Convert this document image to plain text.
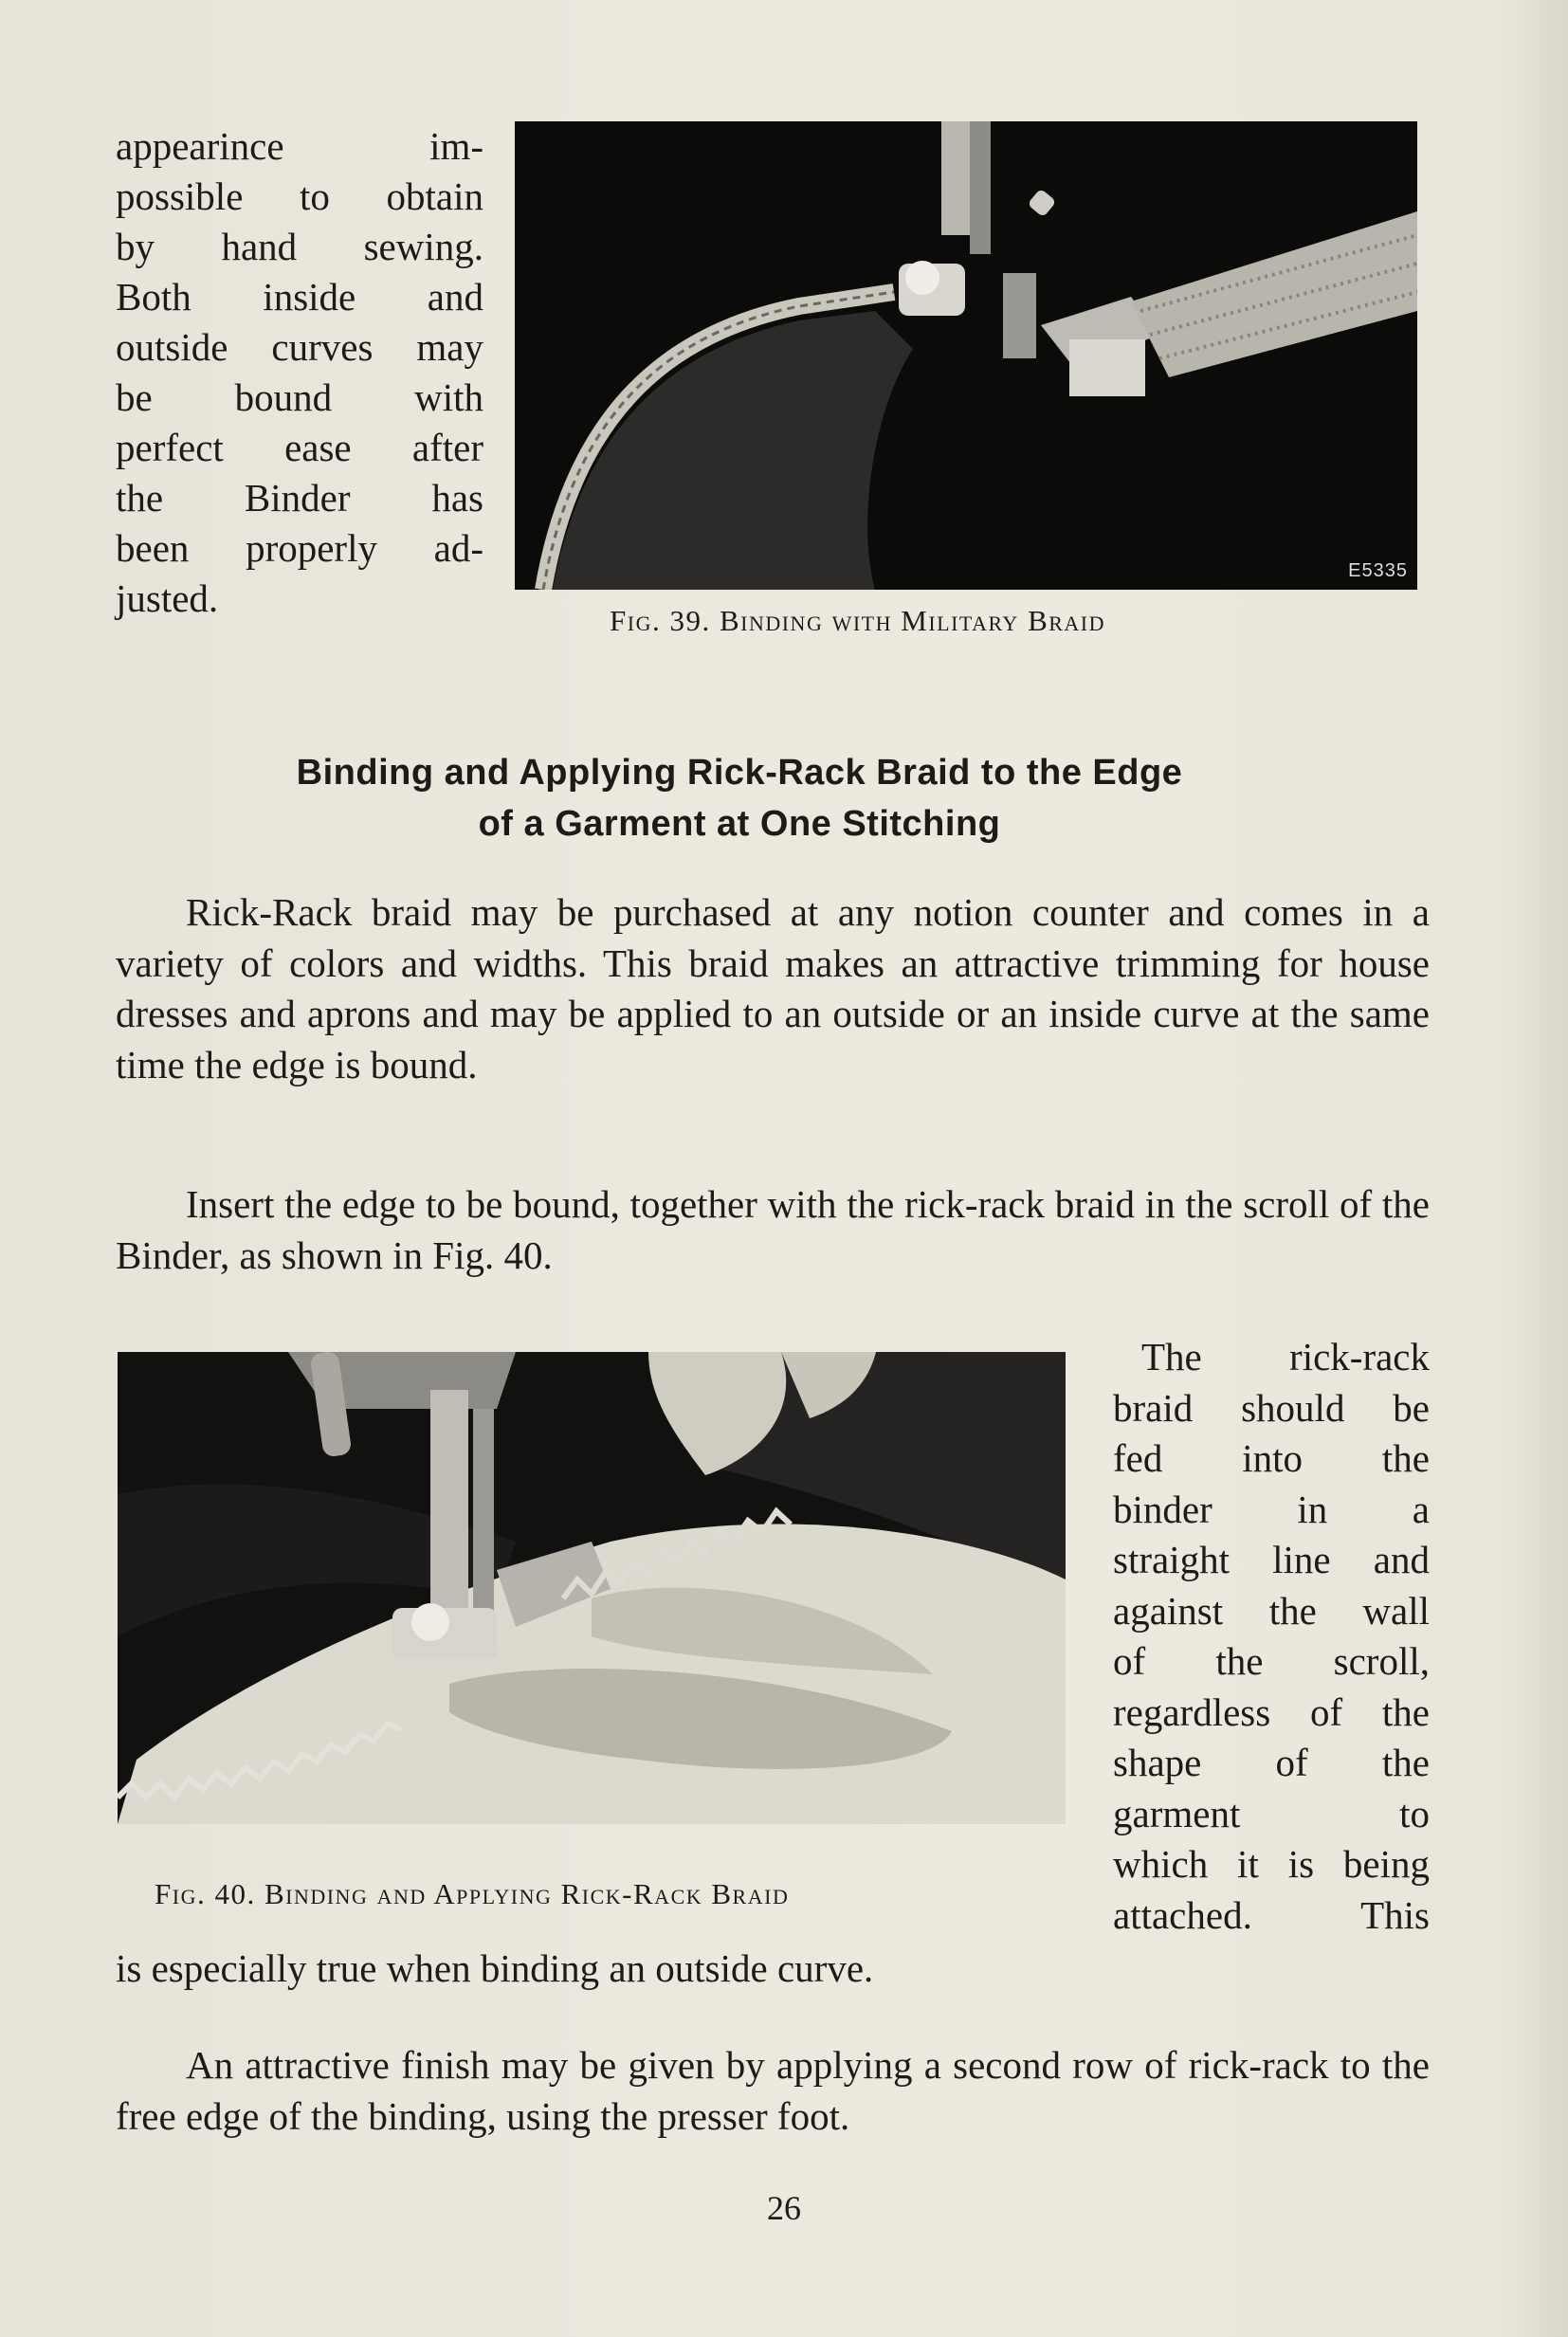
appearince im-
possible to obtain
by hand sewing.
Both inside and
outside curves may
be bound with
perfect ease after
the Binder has
been properly ad-
justed.
E5335
Fig. 39. Binding with Military Braid
Binding and Applying Rick-Rack Braid to the Edge
of a Garment at One Stitching
Rick-Rack braid may be purchased at any notion counter and comes in a variety of colors and widths. This braid makes an attractive trimming for house dresses and aprons and may be applied to an outside or an inside curve at the same time the edge is bound.
Insert the edge to be bound, together with the rick-rack braid in the scroll of the Binder, as shown in Fig. 40.
Fig. 40. Binding and Applying Rick-Rack Braid
The rick-rack
braid should be
fed into the
binder in a
straight line and
against the wall
of the scroll,
regardless of the
shape of the
garment to
which it is being
attached. This
is especially true when binding an outside curve.
An attractive finish may be given by applying a second row of rick-rack to the free edge of the binding, using the presser foot.
26
